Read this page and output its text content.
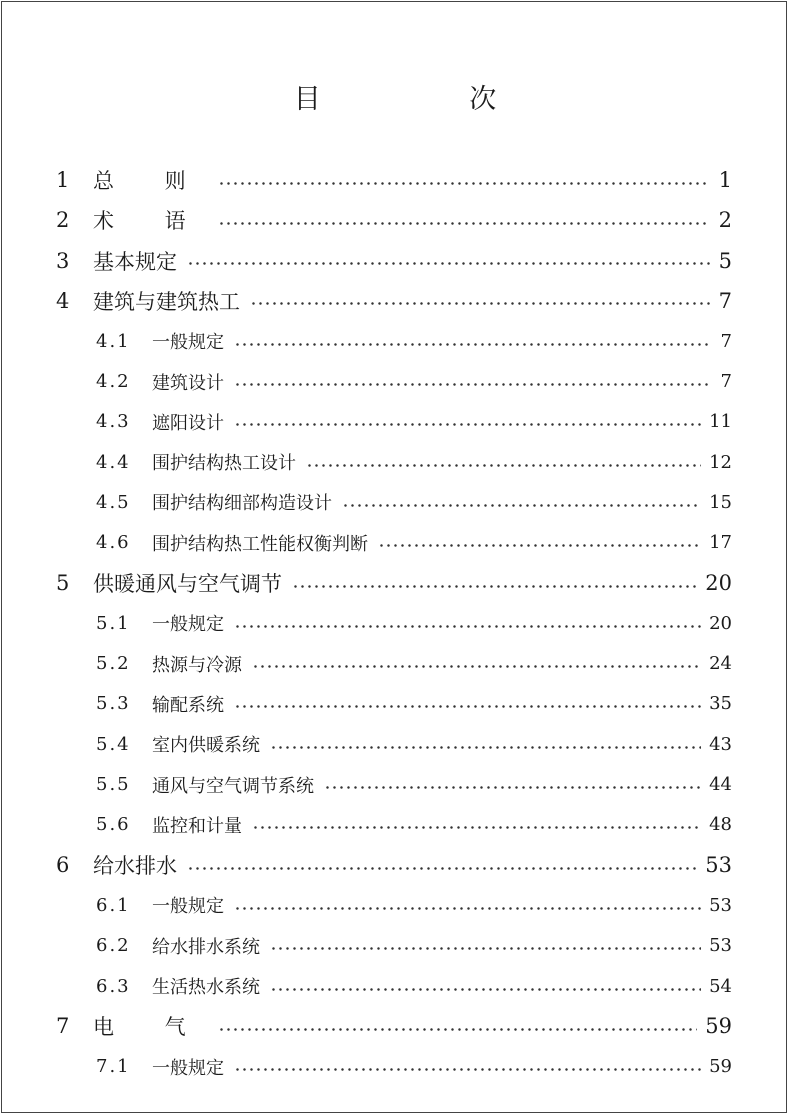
目 次
1	总 则	1
2	术 语	2
3	基本规定	5
4	建筑与建筑热工	7
4.1	一般规定	7
4.2	建筑设计	7
4.3	遮阳设计	11
4.4	围护结构热工设计	12
4.5	围护结构细部构造设计	15
4.6	围护结构热工性能权衡判断	17
5	供暖通风与空气调节	20
5.1	一般规定	20
5.2	热源与冷源	24
5.3	输配系统	35
5.4	室内供暖系统	43
5.5	通风与空气调节系统	44
5.6	监控和计量	48
6	给水排水	53
6.1	一般规定	53
6.2	给水排水系统	53
6.3	生活热水系统	54
7	电 气	59
7.1	一般规定	59
